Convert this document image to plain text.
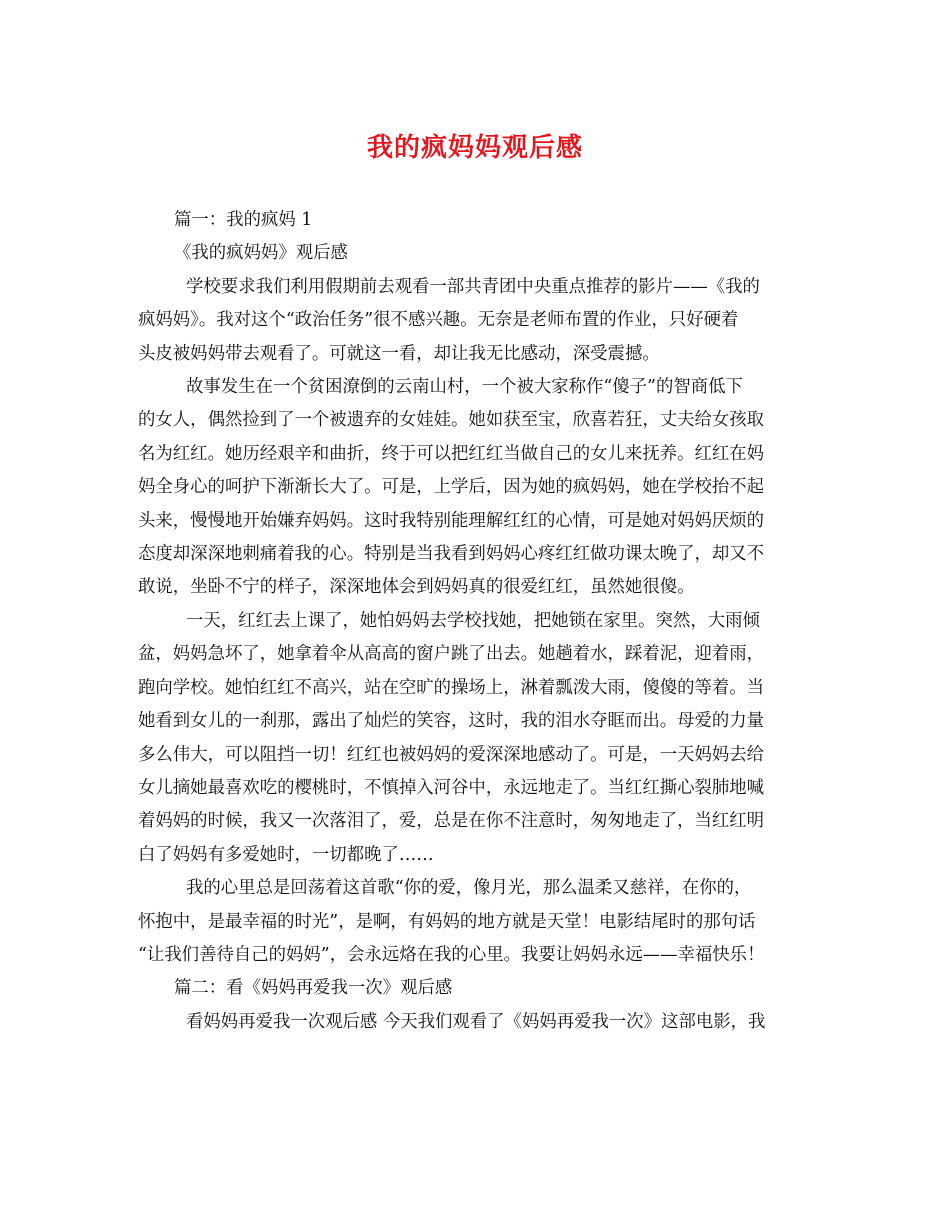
我的疯妈妈观后感

篇一：我的疯妈 1

《我的疯妈妈》观后感

学校要求我们利用假期前去观看一部共青团中央重点推荐的影片——《我的

疯妈妈》。我对这个“政治任务”很不感兴趣。无奈是老师布置的作业，只好硬着

头皮被妈妈带去观看了。可就这一看，却让我无比感动，深受震撼。

故事发生在一个贫困潦倒的云南山村，一个被大家称作“傻子”的智商低下

的女人，偶然捡到了一个被遗弃的女娃娃。她如获至宝，欣喜若狂，丈夫给女孩取

名为红红。她历经艰辛和曲折，终于可以把红红当做自己的女儿来抚养。红红在妈

妈全身心的呵护下渐渐长大了。可是，上学后，因为她的疯妈妈，她在学校抬不起

头来，慢慢地开始嫌弃妈妈。这时我特别能理解红红的心情，可是她对妈妈厌烦的

态度却深深地刺痛着我的心。特别是当我看到妈妈心疼红红做功课太晚了，却又不

敢说，坐卧不宁的样子，深深地体会到妈妈真的很爱红红，虽然她很傻。

一天，红红去上课了，她怕妈妈去学校找她，把她锁在家里。突然，大雨倾

盆，妈妈急坏了，她拿着伞从高高的窗户跳了出去。她趟着水，踩着泥，迎着雨，

跑向学校。她怕红红不高兴，站在空旷的操场上，淋着瓢泼大雨，傻傻的等着。当

她看到女儿的一刹那，露出了灿烂的笑容，这时，我的泪水夺眶而出。母爱的力量

多么伟大，可以阻挡一切！红红也被妈妈的爱深深地感动了。可是，一天妈妈去给

女儿摘她最喜欢吃的樱桃时，不慎掉入河谷中，永远地走了。当红红撕心裂肺地喊

着妈妈的时候，我又一次落泪了，爱，总是在你不注意时，匆匆地走了，当红红明

白了妈妈有多爱她时，一切都晚了……

我的心里总是回荡着这首歌“你的爱，像月光，那么温柔又慈祥，在你的，

怀抱中，是最幸福的时光”，是啊，有妈妈的地方就是天堂！电影结尾时的那句话

“让我们善待自己的妈妈”，会永远烙在我的心里。我要让妈妈永远——幸福快乐！

篇二：看《妈妈再爱我一次》观后感

看妈妈再爱我一次观后感 今天我们观看了《妈妈再爱我一次》这部电影，我
